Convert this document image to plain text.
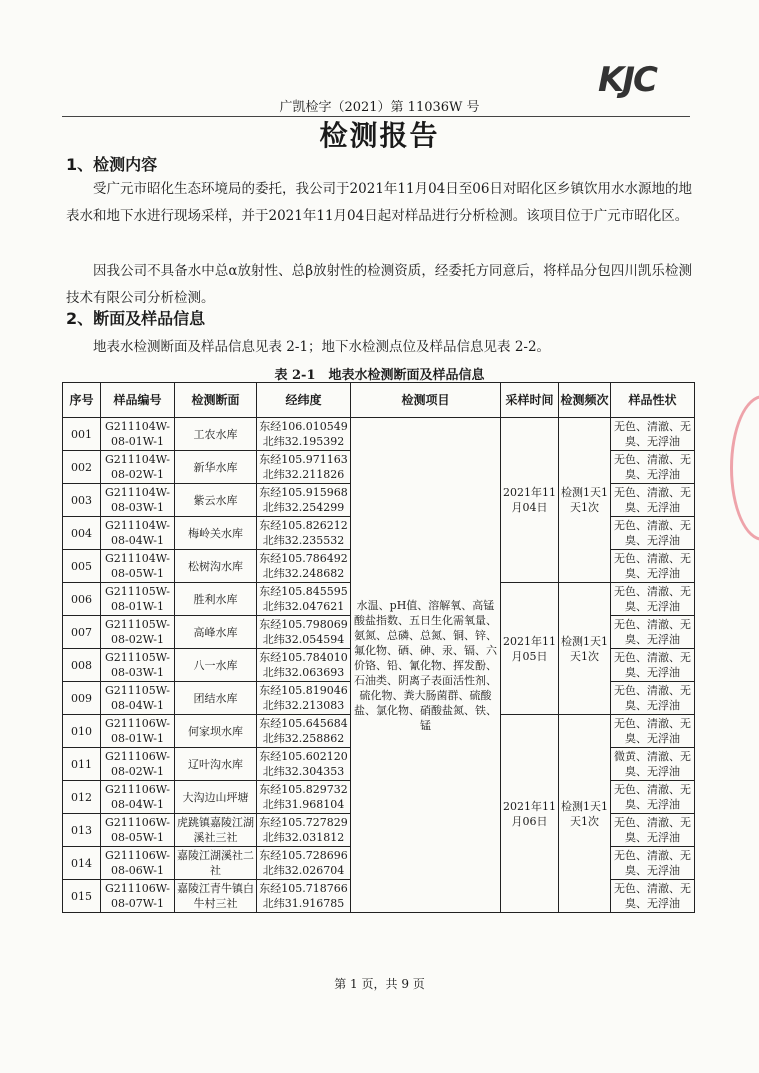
KJC
广凯检字（2021）第 11036W 号
检测报告
1、检测内容
受广元市昭化生态环境局的委托，我公司于2021年11月04日至06日对昭化区乡镇饮用水水源地的地表水和地下水进行现场采样，并于2021年11月04日起对样品进行分析检测。该项目位于广元市昭化区。
因我公司不具备水中总α放射性、总β放射性的检测资质，经委托方同意后，将样品分包四川凯乐检测技术有限公司分析检测。
2、断面及样品信息
地表水检测断面及样品信息见表 2-1；地下水检测点位及样品信息见表 2-2。
表 2-1　地表水检测断面及样品信息
序号	样品编号	检测断面	经纬度	检测项目	采样时间	检测频次	样品性状
001	G211104W-08-01W-1	工农水库	东经106.010549 北纬32.195392	水温、pH值、溶解氧、高锰酸盐指数、五日生化需氧量、氨氮、总磷、总氮、铜、锌、氟化物、硒、砷、汞、镉、六价铬、铅、氰化物、挥发酚、石油类、阴离子表面活性剂、硫化物、粪大肠菌群、硫酸盐、氯化物、硝酸盐氮、铁、锰	2021年11月04日	检测1天1天1次	无色、清澈、无臭、无浮油
002	G211104W-08-02W-1	新华水库	东经105.971163 北纬32.211826				无色、清澈、无臭、无浮油
003	G211104W-08-03W-1	紫云水库	东经105.915968 北纬32.254299				无色、清澈、无臭、无浮油
004	G211104W-08-04W-1	梅岭关水库	东经105.826212 北纬32.235532				无色、清澈、无臭、无浮油
005	G211104W-08-05W-1	松树沟水库	东经105.786492 北纬32.248682				无色、清澈、无臭、无浮油
006	G211105W-08-01W-1	胜利水库	东经105.845595 北纬32.047621		2021年11月05日	检测1天1天1次	无色、清澈、无臭、无浮油
007	G211105W-08-02W-1	高峰水库	东经105.798069 北纬32.054594				无色、清澈、无臭、无浮油
008	G211105W-08-03W-1	八一水库	东经105.784010 北纬32.063693				无色、清澈、无臭、无浮油
009	G211105W-08-04W-1	团结水库	东经105.819046 北纬32.213083				无色、清澈、无臭、无浮油
010	G211106W-08-01W-1	何家坝水库	东经105.645684 北纬32.258862		2021年11月06日	检测1天1天1次	无色、清澈、无臭、无浮油
011	G211106W-08-02W-1	辽叶沟水库	东经105.602120 北纬32.304353				微黄、清澈、无臭、无浮油
012	G211106W-08-04W-1	大沟边山坪塘	东经105.829732 北纬31.968104				无色、清澈、无臭、无浮油
013	G211106W-08-05W-1	虎跳镇嘉陵江湖溪社三社	东经105.727829 北纬32.031812				无色、清澈、无臭、无浮油
014	G211106W-08-06W-1	嘉陵江湖溪社二社	东经105.728696 北纬32.026704				无色、清澈、无臭、无浮油
015	G211106W-08-07W-1	嘉陵江青牛镇白牛村三社	东经105.718766 北纬31.916785				无色、清澈、无臭、无浮油
第 1 页，共 9 页
